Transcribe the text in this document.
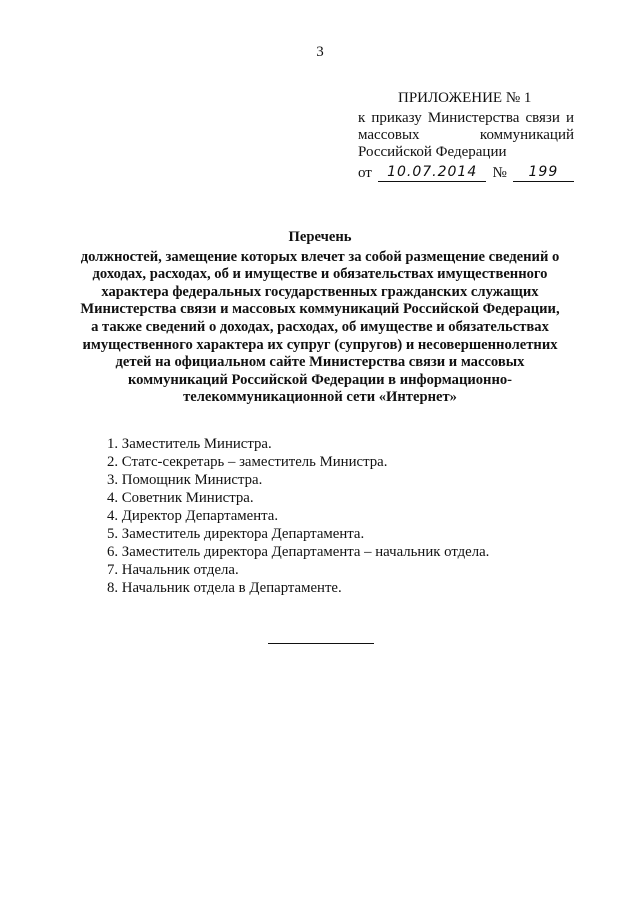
3
ПРИЛОЖЕНИЕ № 1
к приказу Министерства связи и
массовых коммуникаций
Российской Федерации
от	10.07.2014	№	199
Перечень
должностей, замещение которых влечет за собой размещение сведений о
доходах, расходах, об и имуществе и обязательствах имущественного
характера федеральных государственных гражданских служащих
Министерства связи и массовых коммуникаций Российской Федерации,
а также сведений о доходах, расходах, об имуществе и обязательствах
имущественного характера их супруг (супругов) и несовершеннолетних
детей на официальном сайте Министерства связи и массовых
коммуникаций Российской Федерации в информационно-
телекоммуникационной сети «Интернет»
1. Заместитель Министра.
2. Статс-секретарь – заместитель Министра.
3. Помощник Министра.
4. Советник Министра.
4. Директор Департамента.
5. Заместитель директора Департамента.
6. Заместитель директора Департамента – начальник отдела.
7. Начальник отдела.
8. Начальник отдела в Департаменте.
